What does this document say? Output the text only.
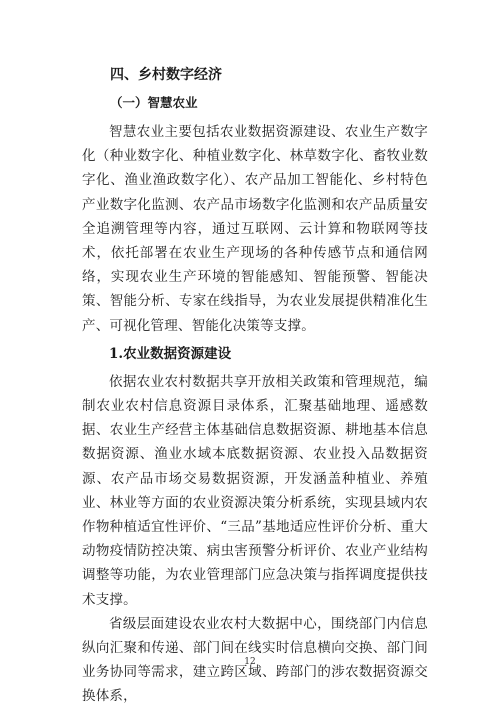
四、乡村数字经济
（一）智慧农业

智慧农业主要包括农业数据资源建设、农业生产数字化（种业数字化、种植业数字化、林草数字化、畜牧业数字化、渔业渔政数字化）、农产品加工智能化、乡村特色产业数字化监测、农产品市场数字化监测和农产品质量安全追溯管理等内容，通过互联网、云计算和物联网等技术，依托部署在农业生产现场的各种传感节点和通信网络，实现农业生产环境的智能感知、智能预警、智能决策、智能分析、专家在线指导，为农业发展提供精准化生产、可视化管理、智能化决策等支撑。

1.农业数据资源建设

依据农业农村数据共享开放相关政策和管理规范，编制农业农村信息资源目录体系，汇聚基础地理、遥感数据、农业生产经营主体基础信息数据资源、耕地基本信息数据资源、渔业水域本底数据资源、农业投入品数据资源、农产品市场交易数据资源，开发涵盖种植业、养殖业、林业等方面的农业资源决策分析系统，实现县域内农作物种植适宜性评价、“三品”基地适应性评价分析、重大动物疫情防控决策、病虫害预警分析评价、农业产业结构调整等功能，为农业管理部门应急决策与指挥调度提供技术支撑。

省级层面建设农业农村大数据中心，围绕部门内信息纵向汇聚和传递、部门间在线实时信息横向交换、部门间业务协同等需求，建立跨区域、跨部门的涉农数据资源交换体系，

12
